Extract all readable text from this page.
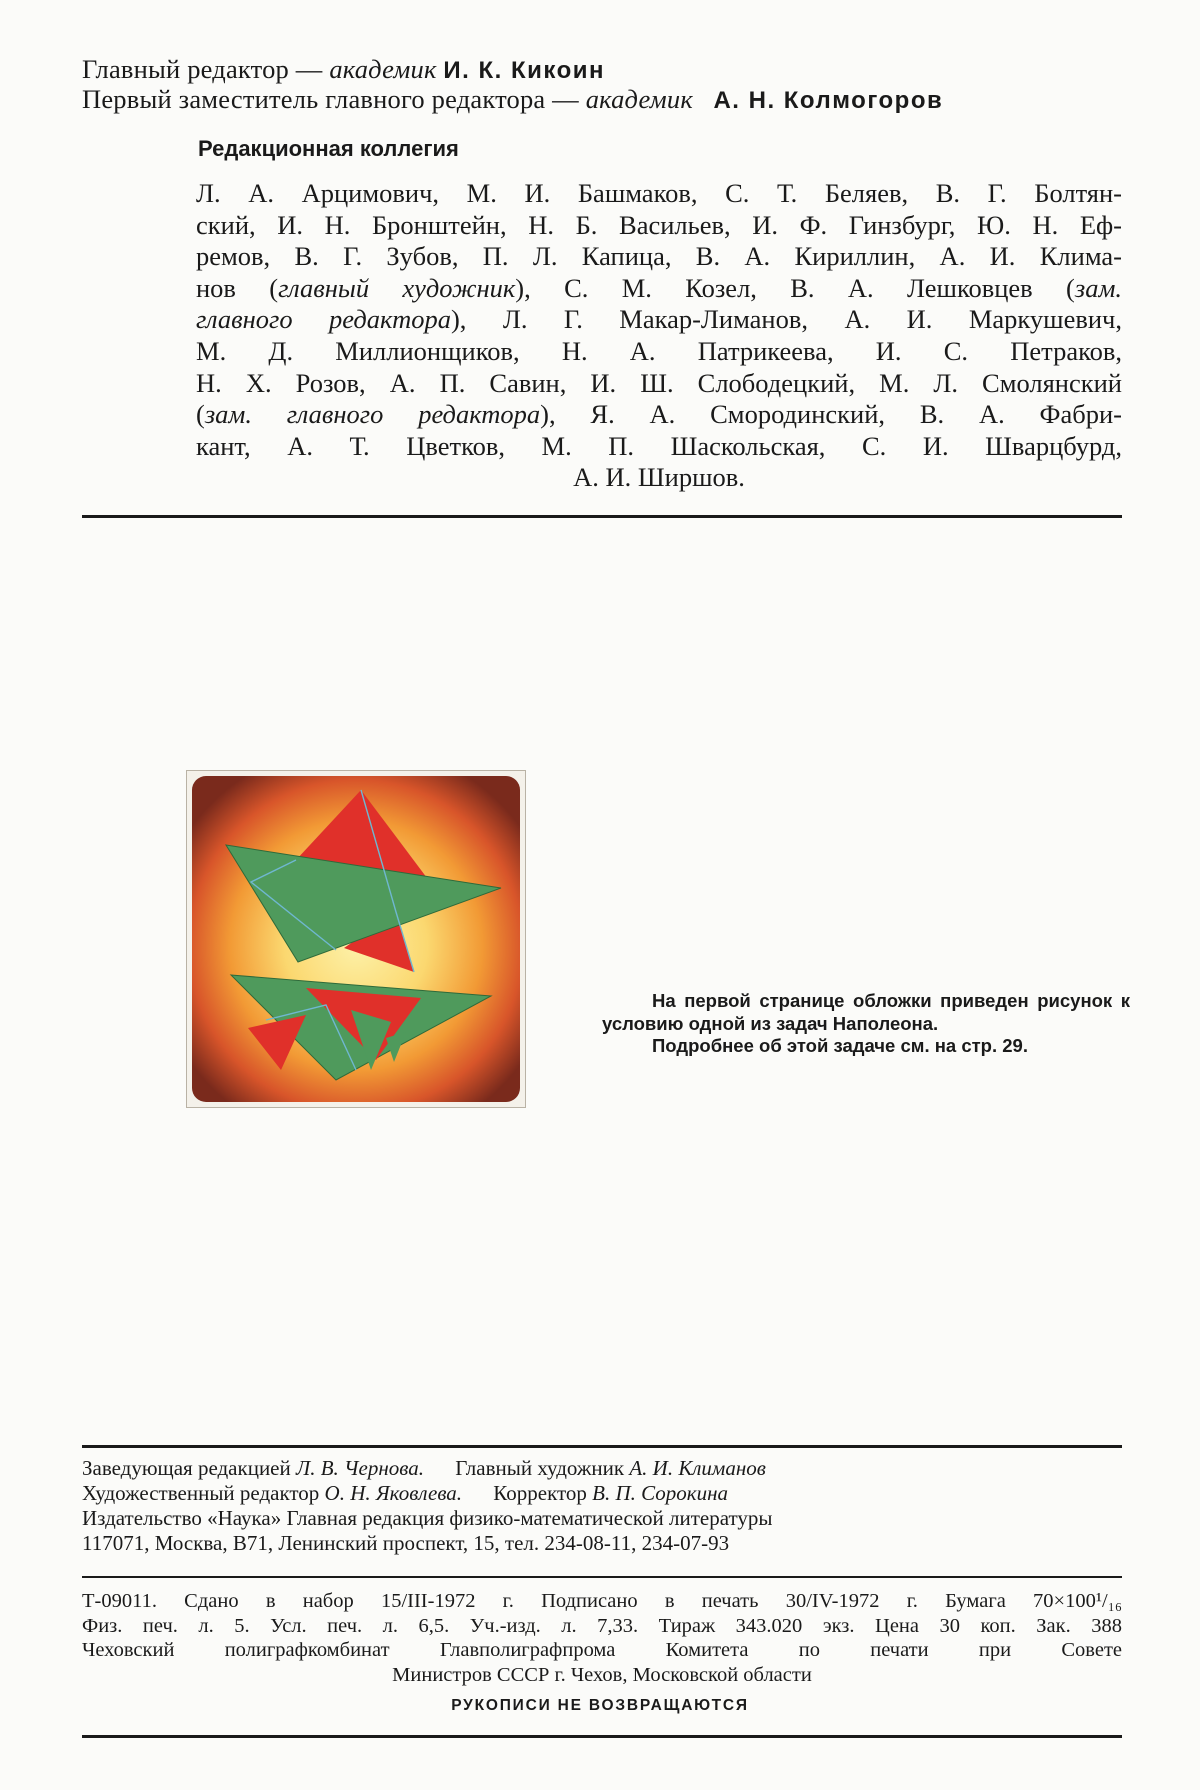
Главный редактор — академик И. К. Кикоин
Первый заместитель главного редактора — академик А. Н. Колмогоров
Редакционная коллегия

Л. А. Арцимович, М. И. Башмаков, С. Т. Беляев, В. Г. Болтян-

ский, И. Н. Бронштейн, Н. Б. Васильев, И. Ф. Гинзбург, Ю. Н. Еф-

ремов, В. Г. Зубов, П. Л. Капица, В. А. Кириллин, А. И. Клима-

нов (главный художник), С. М. Козел, В. А. Лешковцев (зам.

главного редактора), Л. Г. Макар-Лиманов, А. И. Маркушевич,

М. Д. Миллионщиков, Н. А. Патрикеева, И. С. Петраков,

Н. Х. Розов, А. П. Савин, И. Ш. Слободецкий, М. Л. Смолянский

(зам. главного редактора), Я. А. Смородинский, В. А. Фабри-

кант, А. Т. Цветков, М. П. Шаскольская, С. И. Шварцбурд,

А. И. Ширшов.

На первой странице обложки приведен рисунок к условию одной из задач Наполеона.

Подробнее об этой задаче см. на стр. 29.

Заведующая редакцией Л. В. Чернова. Главный художник А. И. Климанов
Художественный редактор О. Н. Яковлева. Корректор В. П. Сорокина
Издательство «Наука» Главная редакция физико-математической литературы
117071, Москва, В71, Ленинский проспект, 15, тел. 234-08-11, 234-07-93

Т-09011. Сдано в набор 15/III-1972 г. Подписано в печать 30/IV-1972 г. Бумага 70×100¹/₁₆

Физ. печ. л. 5. Усл. печ. л. 6,5. Уч.-изд. л. 7,33. Тираж 343.020 экз. Цена 30 коп. Зак. 388

Чеховский полиграфкомбинат Главполиграфпрома Комитета по печати при Совете

Министров СССР г. Чехов, Московской области

РУКОПИСИ НЕ ВОЗВРАЩАЮТСЯ
